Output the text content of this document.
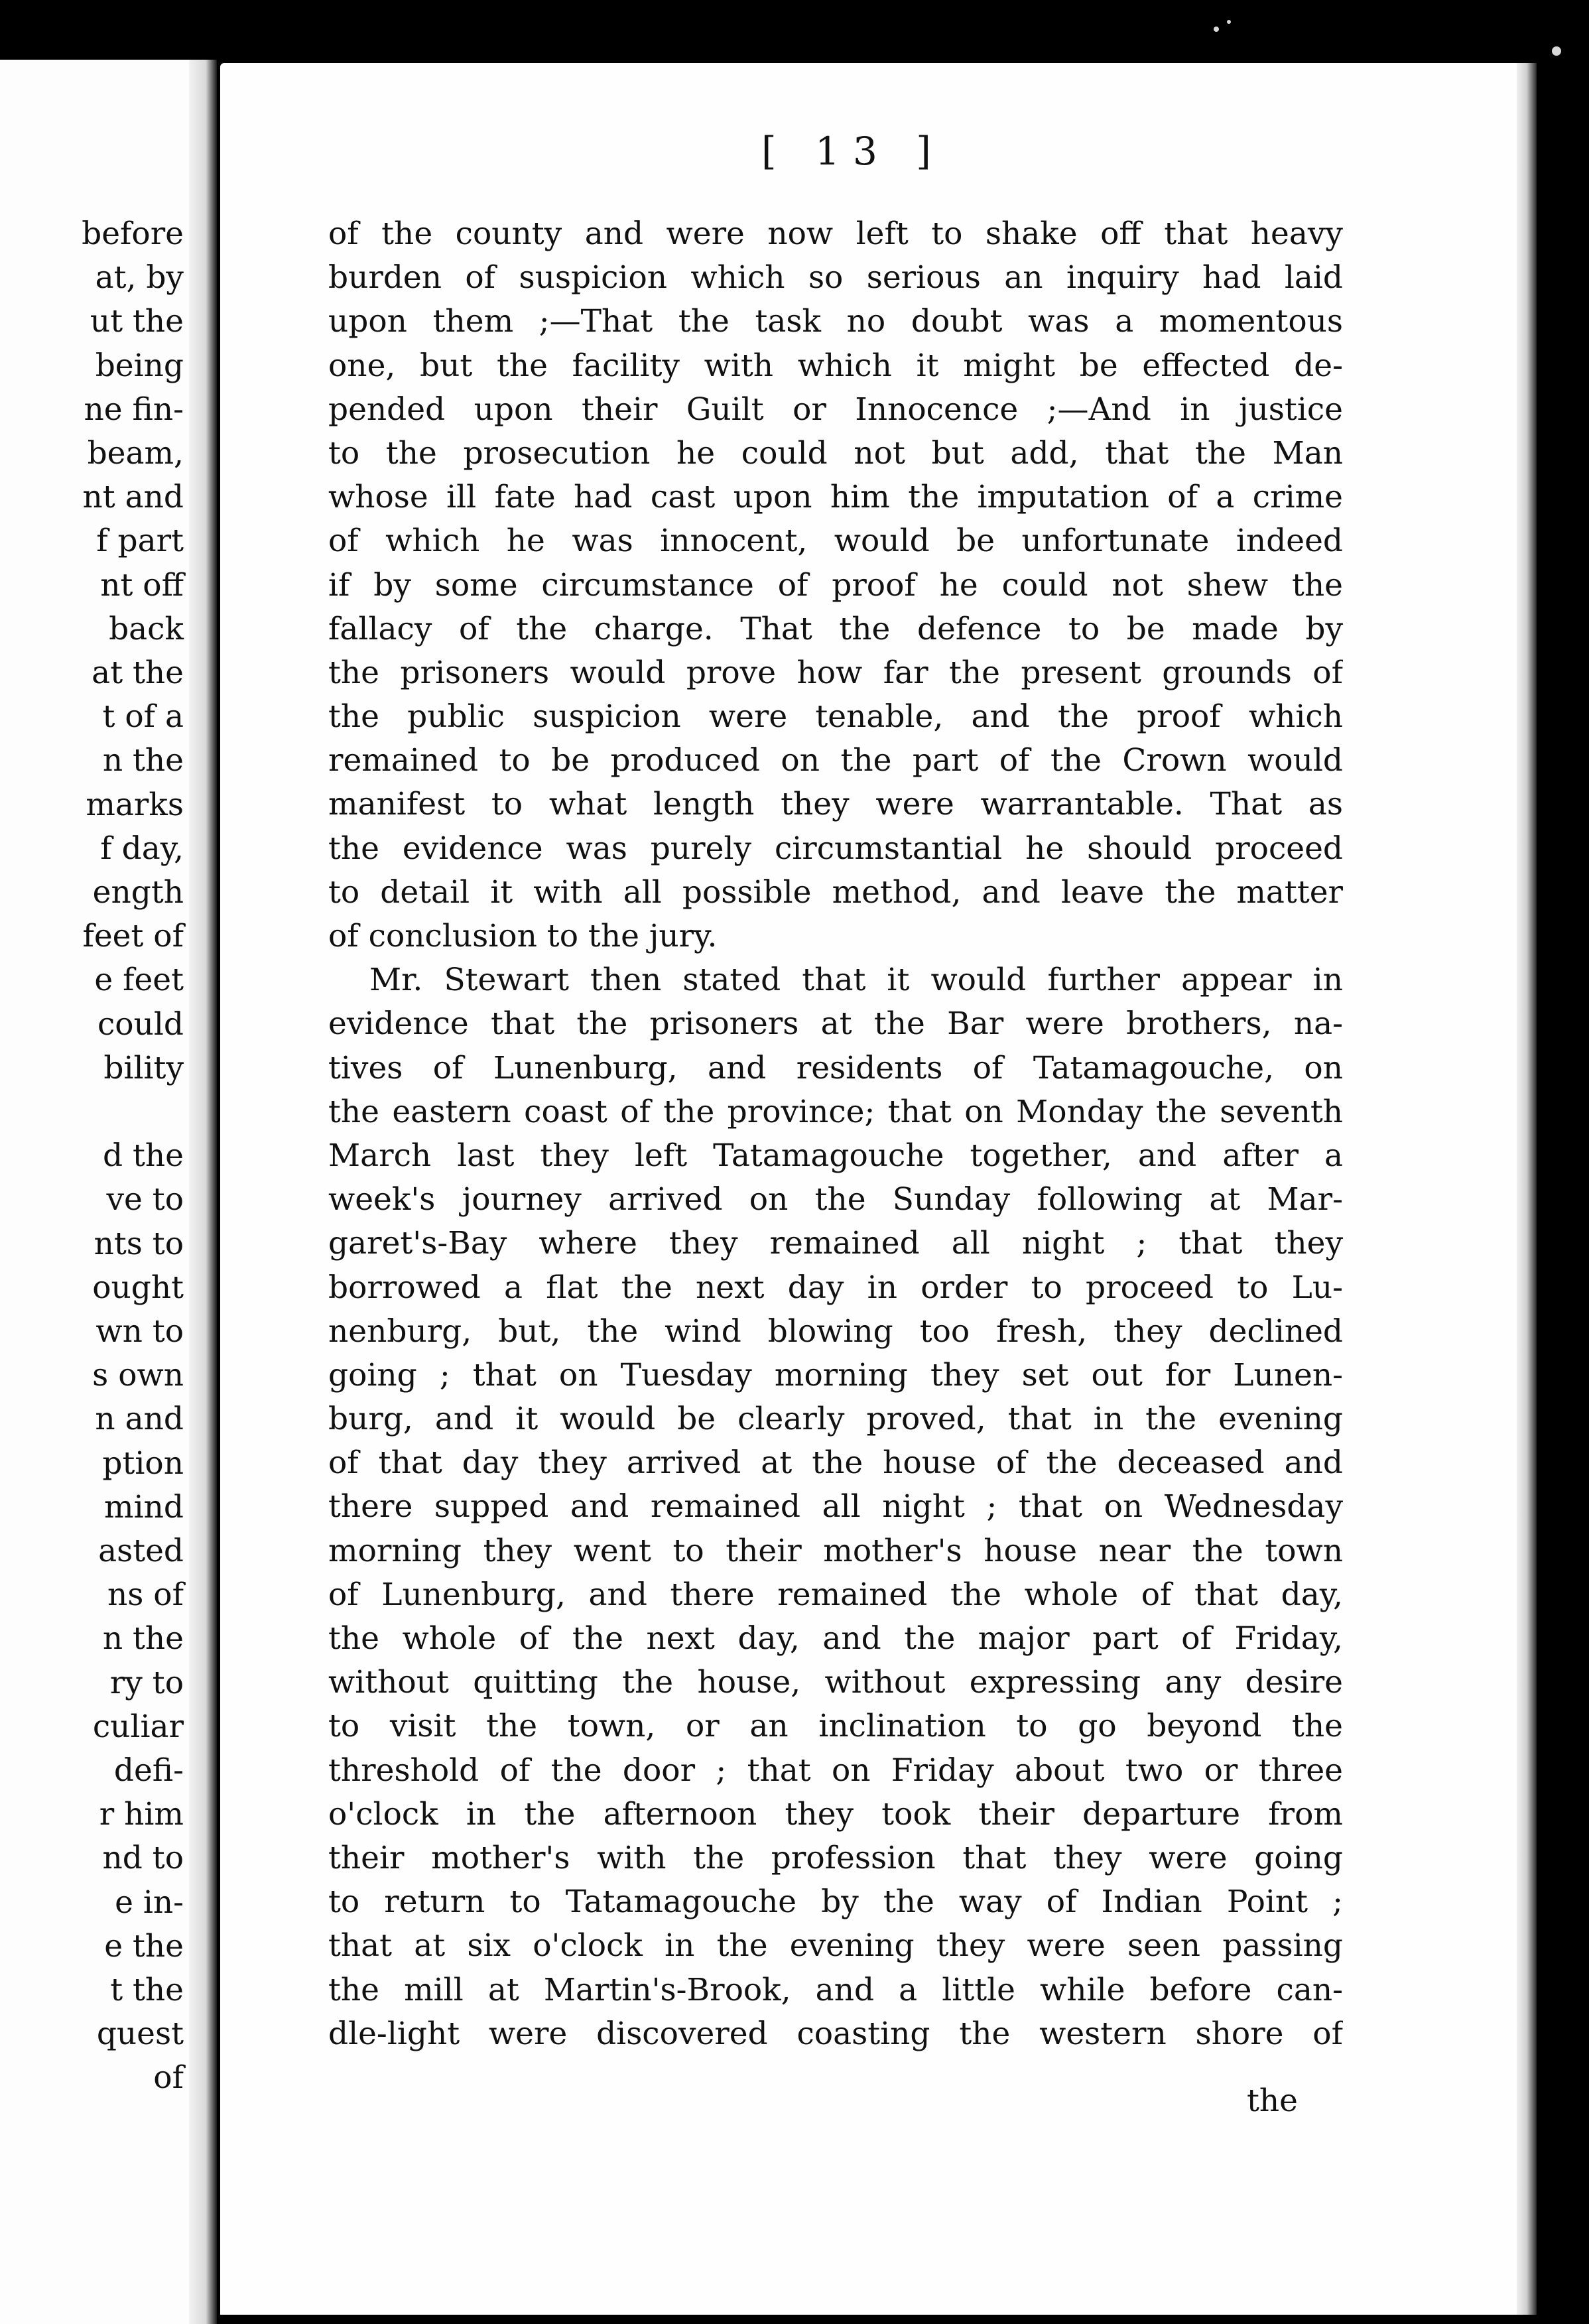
before

at, by

ut the

being

ne fin-

beam,

nt and

f part

nt off

back

at the

t of a

n the

marks

f day,

ength

feet of

e feet

could

bility

d the

ve to

nts to

ought

wn to

s own

n and

ption

mind

asted

ns of

n the

ry to

culiar

defi-

r him

nd to

e in-

e the

t the

quest

of

[ 13 ]

of the county and were now left to shake off that heavy
burden of suspicion which so serious an inquiry had laid
upon them ;—That the task no doubt was a momentous
one, but the facility with which it might be effected de-
pended upon their Guilt or Innocence ;—And in justice
to the prosecution he could not but add, that the Man
whose ill fate had cast upon him the imputation of a crime
of which he was innocent, would be unfortunate indeed
if by some circumstance of proof he could not shew the
fallacy of the charge. That the defence to be made by
the prisoners would prove how far the present grounds of
the public suspicion were tenable, and the proof which
remained to be produced on the part of the Crown would
manifest to what length they were warrantable. That as
the evidence was purely circumstantial he should proceed
to detail it with all possible method, and leave the matter
of conclusion to the jury.
Mr. Stewart then stated that it would further appear in
evidence that the prisoners at the Bar were brothers, na-
tives of Lunenburg, and residents of Tatamagouche, on
the eastern coast of the province; that on Monday the seventh
March last they left Tatamagouche together, and after a
week's journey arrived on the Sunday following at Mar-
garet's-Bay where they remained all night ; that they
borrowed a flat the next day in order to proceed to Lu-
nenburg, but, the wind blowing too fresh, they declined
going ; that on Tuesday morning they set out for Lunen-
burg, and it would be clearly proved, that in the evening
of that day they arrived at the house of the deceased and
there supped and remained all night ; that on Wednesday
morning they went to their mother's house near the town
of Lunenburg, and there remained the whole of that day,
the whole of the next day, and the major part of Friday,
without quitting the house, without expressing any desire
to visit the town, or an inclination to go beyond the
threshold of the door ; that on Friday about two or three
o'clock in the afternoon they took their departure from
their mother's with the profession that they were going
to return to Tatamagouche by the way of Indian Point ;
that at six o'clock in the evening they were seen passing
the mill at Martin's-Brook, and a little while before can-
dle-light were discovered coasting the western shore of

the
